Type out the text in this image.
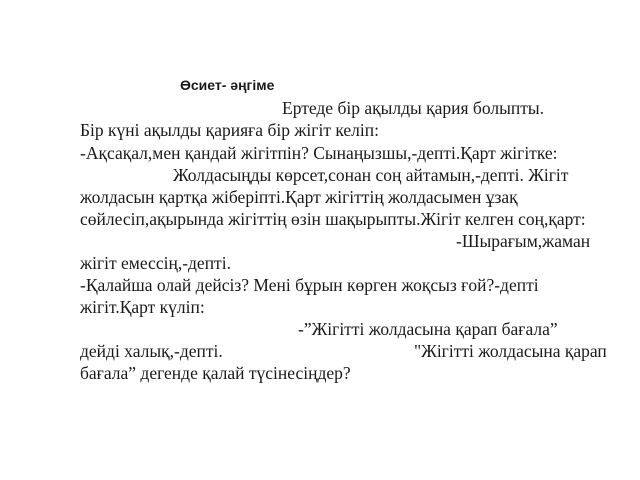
Өсиет- әңгіме
Ертеде бір ақылды қария болыпты.
Бір күні ақылды қарияға бір жігіт келіп:
-Ақсақал,мен қандай жігітпін? Сынаңызшы,-депті.Қарт жігітке:
Жолдасыңды көрсет,сонан соң айтамын,-депті. Жігіт
жолдасын қартқа жіберіпті.Қарт жігіттің жолдасымен ұзақ
сөйлесіп,ақырында жігіттің өзін шақырыпты.Жігіт келген соң,қарт:
-Шырағым,жаман
жігіт емессің,-депті.
-Қалайша олай дейсіз? Мені бұрын көрген жоқсыз ғой?-депті
жігіт.Қарт күліп:
-”Жігітті жолдасына қарап бағала”
дейді халық,-депті.	"Жігітті жолдасына қарап
бағала” дегенде қалай түсінесіңдер?
